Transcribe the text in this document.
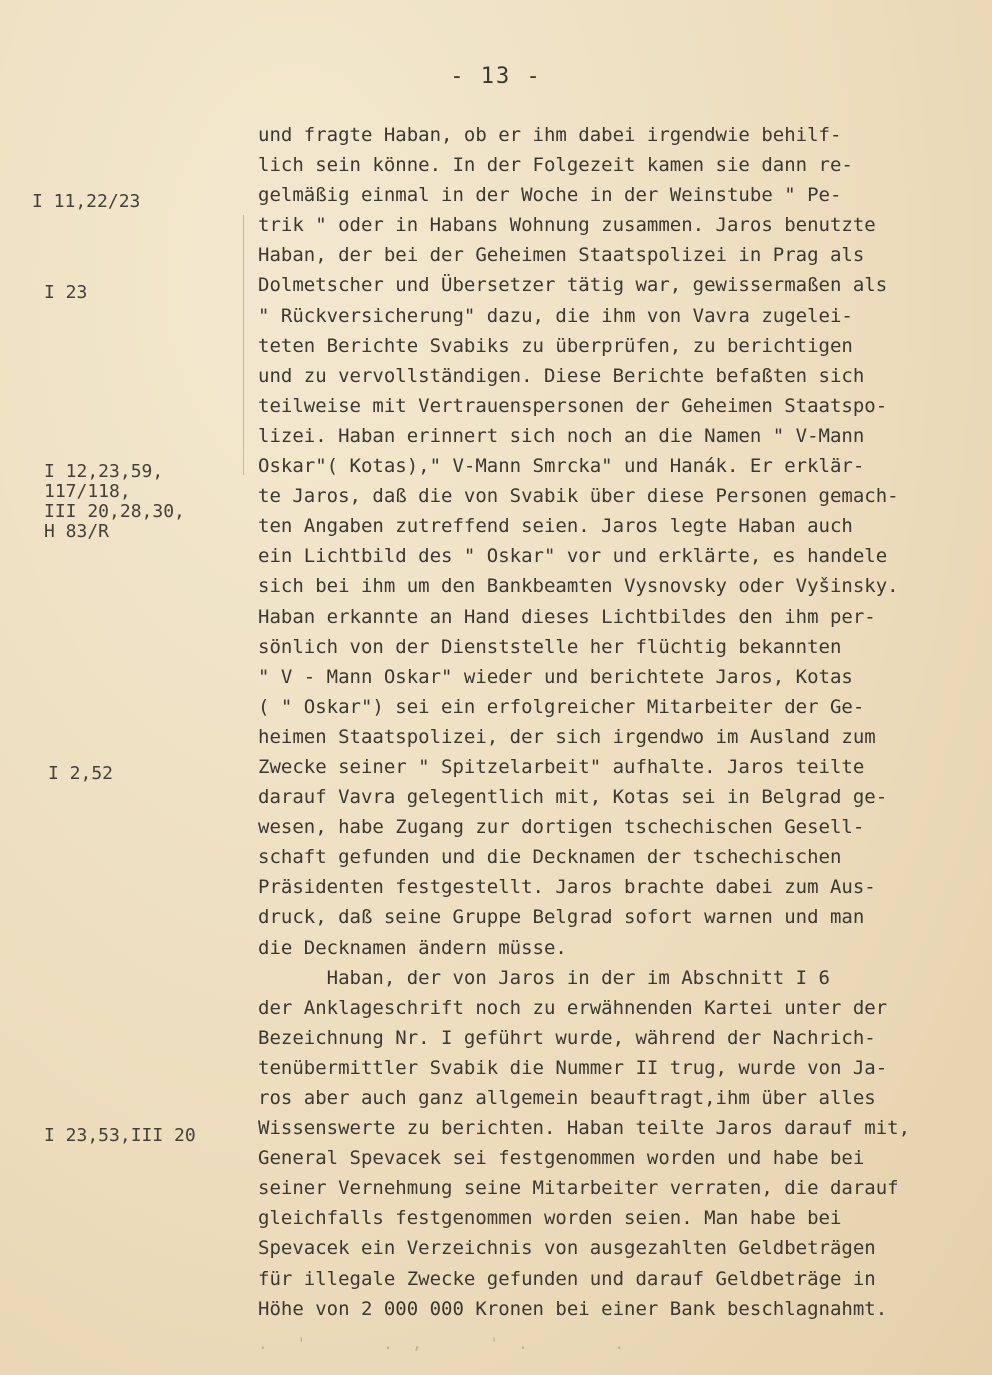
- 13 -
I 11,22/23
I 23
I 12,23,59,
117/118,
III 20,28,30,
H 83/R
I 2,52
I 23,53,III 20
und fragte Haban, ob er ihm dabei irgendwie behilf-
lich sein könne. In der Folgezeit kamen sie dann re-
gelmäßig einmal in der Woche in der Weinstube " Pe-
trik " oder in Habans Wohnung zusammen. Jaros benutzte
Haban, der bei der Geheimen Staatspolizei in Prag als
Dolmetscher und Übersetzer tätig war, gewissermaßen als
" Rückversicherung" dazu, die ihm von Vavra zugelei-
teten Berichte Svabiks zu überprüfen, zu berichtigen
und zu vervollständigen. Diese Berichte befaßten sich
teilweise mit Vertrauenspersonen der Geheimen Staatspo-
lizei. Haban erinnert sich noch an die Namen " V-Mann
Oskar"( Kotas)," V-Mann Smrcka" und Hanák. Er erklär-
te Jaros, daß die von Svabik über diese Personen gemach-
ten Angaben zutreffend seien. Jaros legte Haban auch
ein Lichtbild des " Oskar" vor und erklärte, es handele
sich bei ihm um den Bankbeamten Vysnovsky oder Vyšinsky.
Haban erkannte an Hand dieses Lichtbildes den ihm per-
sönlich von der Dienststelle her flüchtig bekannten
" V - Mann Oskar" wieder und berichtete Jaros, Kotas
( " Oskar") sei ein erfolgreicher Mitarbeiter der Ge-
heimen Staatspolizei, der sich irgendwo im Ausland zum
Zwecke seiner " Spitzelarbeit" aufhalte. Jaros teilte
darauf Vavra gelegentlich mit, Kotas sei in Belgrad ge-
wesen, habe Zugang zur dortigen tschechischen Gesell-
schaft gefunden und die Decknamen der tschechischen
Präsidenten festgestellt. Jaros brachte dabei zum Aus-
druck, daß seine Gruppe Belgrad sofort warnen und man
die Decknamen ändern müsse.
Haban, der von Jaros in der im Abschnitt I 6
der Anklageschrift noch zu erwähnenden Kartei unter der
Bezeichnung Nr. I geführt wurde, während der Nachrich-
tenübermittler Svabik die Nummer II trug, wurde von Ja-
ros aber auch ganz allgemein beauftragt,ihm über alles
Wissenswerte zu berichten. Haban teilte Jaros darauf mit,
General Spevacek sei festgenommen worden und habe bei
seiner Vernehmung seine Mitarbeiter verraten, die darauf
gleichfalls festgenommen worden seien. Man habe bei
Spevacek ein Verzeichnis von ausgezahlten Geldbeträgen
für illegale Zwecke gefunden und darauf Geldbeträge in
Höhe von 2 000 000 Kronen bei einer Bank beschlagnahmt.
.   '        .  ,       '  .         .
